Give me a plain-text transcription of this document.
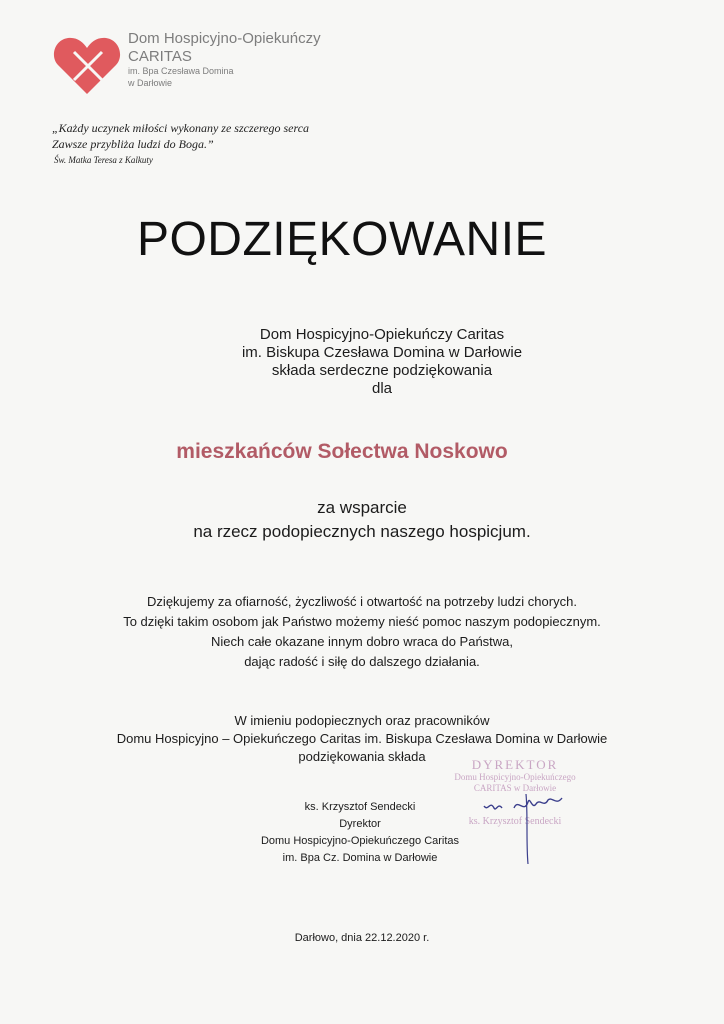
Dom Hospicyjno-Opiekuńczy
CARITAS
im. Bpa Czesława Domina
w Darłowie
„Każdy uczynek miłości wykonany ze szczerego serca
Zawsze przybliża ludzi do Boga.”
Św. Matka Teresa z Kalkuty
PODZIĘKOWANIE
Dom Hospicyjno-Opiekuńczy Caritas
im. Biskupa Czesława Domina w Darłowie
składa serdeczne podziękowania
dla
mieszkańców Sołectwa Noskowo
za wsparcie
na rzecz podopiecznych naszego hospicjum.
Dziękujemy za ofiarność, życzliwość i otwartość na potrzeby ludzi chorych.
To dzięki takim osobom jak Państwo możemy nieść pomoc naszym podopiecznym.
Niech całe okazane innym dobro wraca do Państwa,
dając radość i siłę do dalszego działania.
W imieniu podopiecznych oraz pracowników
Domu Hospicyjno – Opiekuńczego Caritas im. Biskupa Czesława Domina w Darłowie
podziękowania składa
ks. Krzysztof Sendecki
Dyrektor
Domu Hospicyjno-Opiekuńczego Caritas
im. Bpa Cz. Domina w Darłowie
DYREKTOR
Domu Hospicyjno-Opiekuńczego
CARITAS w Darłowie
ks. Krzysztof Sendecki
Darłowo, dnia 22.12.2020 r.
